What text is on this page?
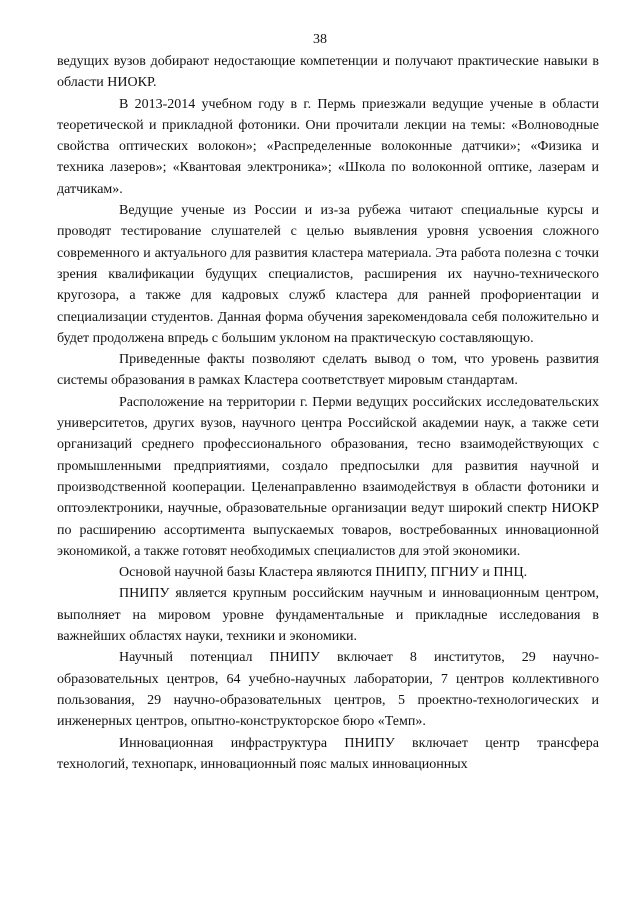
38

ведущих вузов добирают недостающие компетенции и получают практические навыки в области НИОКР.

В 2013-2014 учебном году в г. Пермь приезжали ведущие ученые в области теоретической и прикладной фотоники. Они прочитали лекции на темы: «Волноводные свойства оптических волокон»; «Распределенные волоконные датчики»; «Физика и техника лазеров»; «Квантовая электроника»; «Школа по волоконной оптике, лазерам и датчикам».

Ведущие ученые из России и из-за рубежа читают специальные курсы и проводят тестирование слушателей с целью выявления уровня усвоения сложного современного и актуального для развития кластера материала. Эта работа полезна с точки зрения квалификации будущих специалистов, расширения их научно-технического кругозора, а также для кадровых служб кластера для ранней профориентации и специализации студентов. Данная форма обучения зарекомендовала себя положительно и будет продолжена впредь с большим уклоном на практическую составляющую.

Приведенные факты позволяют сделать вывод о том, что уровень развития системы образования в рамках Кластера соответствует мировым стандартам.

Расположение на территории г. Перми ведущих российских исследовательских университетов, других вузов, научного центра Российской академии наук, а также сети организаций среднего профессионального образования, тесно взаимодействующих с промышленными предприятиями, создало предпосылки для развития научной и производственной кооперации. Целенаправленно взаимодействуя в области фотоники и оптоэлектроники, научные, образовательные организации ведут широкий спектр НИОКР по расширению ассортимента выпускаемых товаров, востребованных инновационной экономикой, а также готовят необходимых специалистов для этой экономики.

Основой научной базы Кластера являются ПНИПУ, ПГНИУ и ПНЦ.

ПНИПУ является крупным российским научным и инновационным центром, выполняет на мировом уровне фундаментальные и прикладные исследования в важнейших областях науки, техники и экономики.

Научный потенциал ПНИПУ включает 8 институтов, 29 научно-образовательных центров, 64 учебно-научных лаборатории, 7 центров коллективного пользования, 29 научно-образовательных центров, 5 проектно-технологических и инженерных центров, опытно-конструкторское бюро «Темп».

Инновационная инфраструктура ПНИПУ включает центр трансфера технологий, технопарк, инновационный пояс малых инновационных
